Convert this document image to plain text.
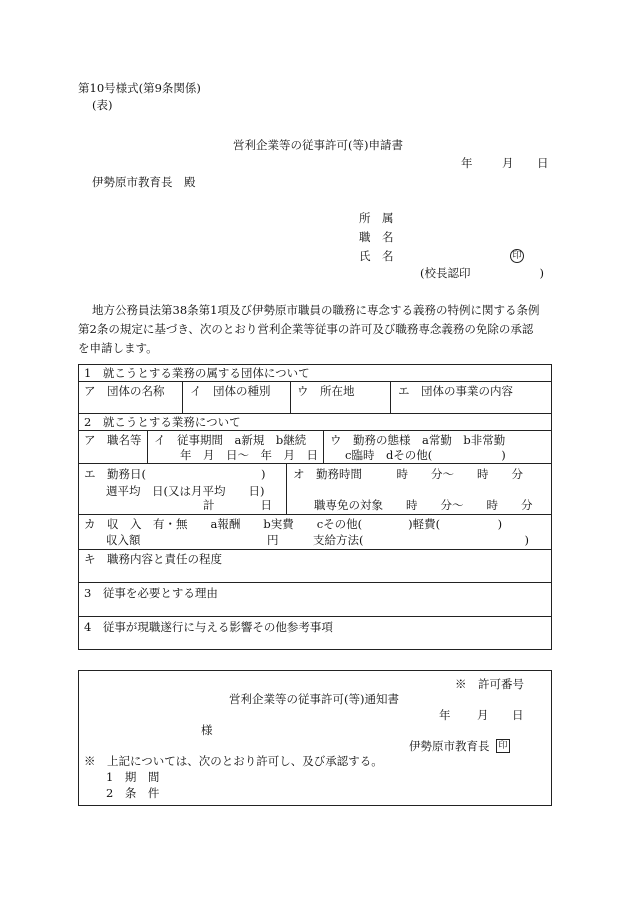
第10号様式(第9条関係)
(表)
営利企業等の従事許可(等)申請書
年	月 日
伊勢原市教育長　殿
所　属
職　名
氏　名	印
(校長認印　　　　　　)
地方公務員法第38条第1項及び伊勢原市職員の職務に専念する義務の特例に関する条例
第2条の規定に基づき、次のとおり営利企業等従事の許可及び職務専念義務の免除の承認
を申請します。
1　就こうとする業務の属する団体について
ア　団体の名称 イ　団体の種別 ウ　所在地	エ　団体の事業の内容
2　就こうとする業務について
ア　職名等 イ　従事期間　a新規　b継続
年　月　日～　年　月　日
ウ　勤務の態様　a常勤　b非常勤
c臨時　dその他(　　　　　　)
エ　勤務日(　　　　　　　　　　)
週平均　日(又は月平均　　日)
計　　　　日
オ　勤務時間　　　時　　分～　　時　　分
職専免の対象　　時　　分～　　時　　分
カ　収　入　有・無　　a報酬　　b実費　　cその他(　　　　)軽費(　　　　　)
収入額　　　　　　　　　　　円　　　支給方法(　　　　　　　　　　　　　　)
キ　職務内容と責任の程度
3　従事を必要とする理由
4　従事が現職遂行に与える影響その他参考事項
※　許可番号
営利企業等の従事許可(等)通知書
年 月 日
様
伊勢原市教育長 印
※　上記については、次のとおり許可し、及び承認する。
1　期　間
2　条　件
